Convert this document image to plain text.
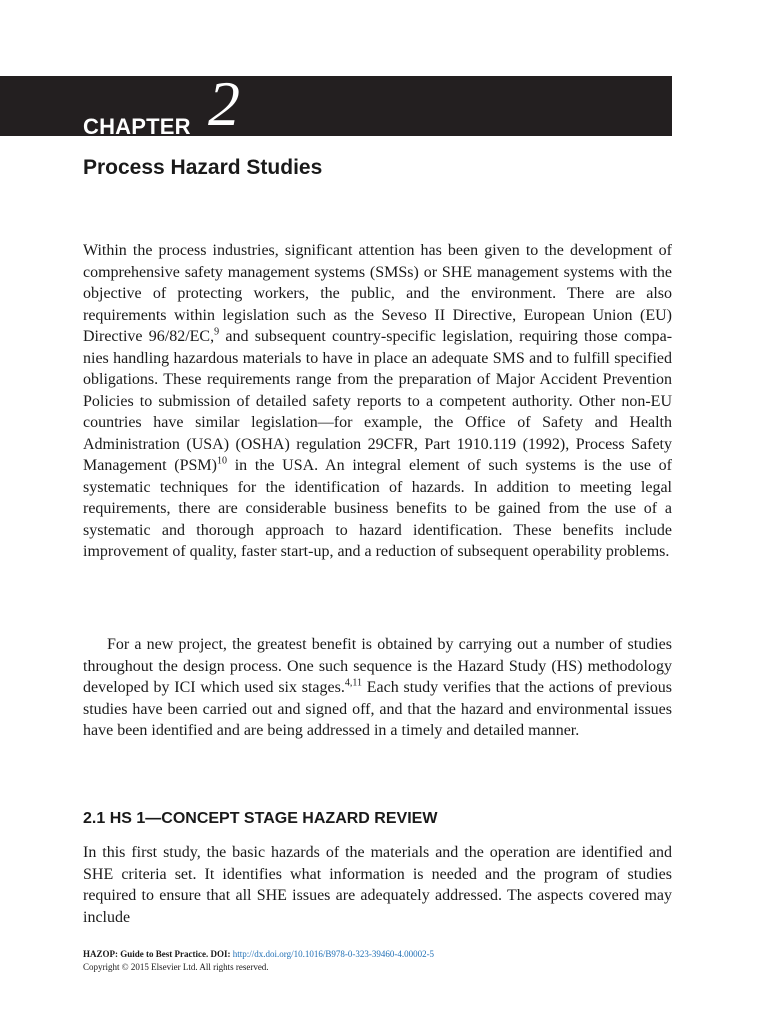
CHAPTER 2
Process Hazard Studies
Within the process industries, significant attention has been given to the development of comprehensive safety management systems (SMSs) or SHE management systems with the objective of protecting workers, the public, and the environment. There are also requirements within legislation such as the Seveso II Directive, European Union (EU) Directive 96/82/​EC,$^9$ and subsequent country-specific legislation, requiring those companies handling hazardous materials to have in place an adequate SMS and to fulfill specified obligations. These requirements range from the preparation of Major Accident Prevention Policies to submission of detailed safety reports to a competent authority. Other non-EU countries have similar legislation—for example, the Office of Safety and Health Administration (USA) (OSHA) regulation 29CFR, Part 1910.119 (1992), Process Safety Management (PSM)$^{10}$ in the USA. An integral element of such systems is the use of systematic techniques for the identification of hazards. In addition to meeting legal requirements, there are considerable business benefits to be gained from the use of a systematic and thorough approach to hazard identification. These benefits include improvement of quality, faster start-up, and a reduction of subsequent operability problems.
For a new project, the greatest benefit is obtained by carrying out a number of studies throughout the design process. One such sequence is the Hazard Study (HS) methodology developed by ICI which used six stages.$^{4,11}$ Each study verifies that the actions of previous studies have been carried out and signed off, and that the hazard and environmental issues have been identified and are being addressed in a timely and detailed manner.
2.1 HS 1—CONCEPT STAGE HAZARD REVIEW
In this first study, the basic hazards of the materials and the operation are identified and SHE criteria set. It identifies what information is needed and the program of studies required to ensure that all SHE issues are adequately addressed. The aspects covered may include
HAZOP: Guide to Best Practice. DOI: http://dx.doi.org/10.1016/B978-0-323-39460-4.00002-5
Copyright © 2015 Elsevier Ltd. All rights reserved.
